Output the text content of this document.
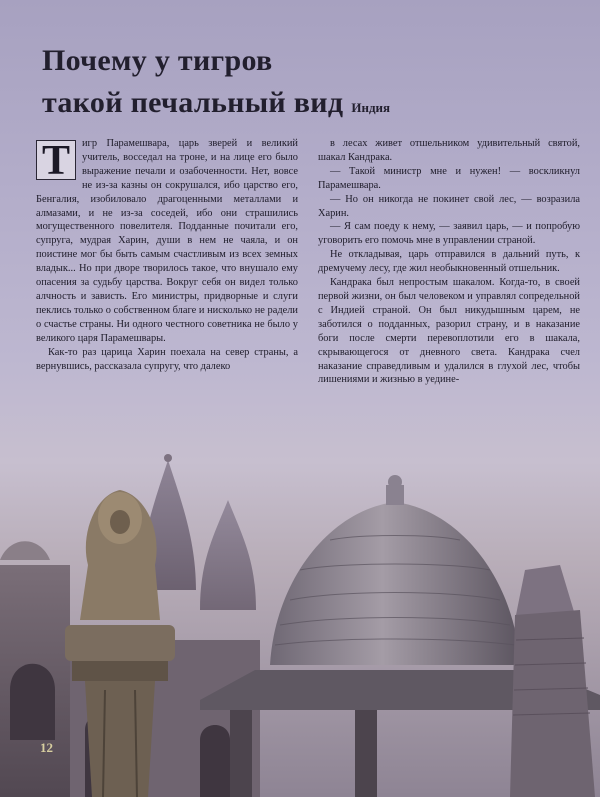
Почему у тигров
такой печальный вид Индия
Т	игр Парамешвара, царь зверей и великий учитель, восседал на троне, и на лице его было выражение печали и озабоченности. Нет, вовсе не из-за казны он сокрушался, ибо царство его, Бенгалия, изобиловало драгоценными металлами и алмазами, и не из-за соседей, ибо они страшились могущественного повелителя. Подданные почитали его, супруга, мудрая Харин, души в нем не чаяла, и он поистине мог бы быть самым счастливым из всех земных владык... Но при дворе творилось такое, что внушало ему опасения за судьбу царства. Вокруг себя он видел только алчность и зависть. Его министры, придворные и слуги пеклись только о собственном благе и нисколько не радели о счастье страны. Ни одного честного советника не было у великого царя Парамешвары.

Как-то раз царица Харин поехала на север страны, а вернувшись, рассказала супругу, что далеко

в лесах живет отшельником удивительный святой, шакал Кандрака.

— Такой министр мне и нужен! — воскликнул Парамешвара.

— Но он никогда не покинет свой лес, — возразила Харин.

— Я сам поеду к нему, — заявил царь, — и попробую уговорить его помочь мне в управлении страной.

Не откладывая, царь отправился в дальний путь, к дремучему лесу, где жил необыкновенный отшельник.

Кандрака был непростым шакалом. Когда-то, в своей первой жизни, он был человеком и управлял сопредельной с Индией страной. Он был никудышным царем, не заботился о подданных, разорил страну, и в наказание боги после смерти перевоплотили его в шакала, скрывающегося от дневного света. Кандрака счел наказание справедливым и удалился в глухой лес, чтобы лишениями и жизнью в уедине-

12
